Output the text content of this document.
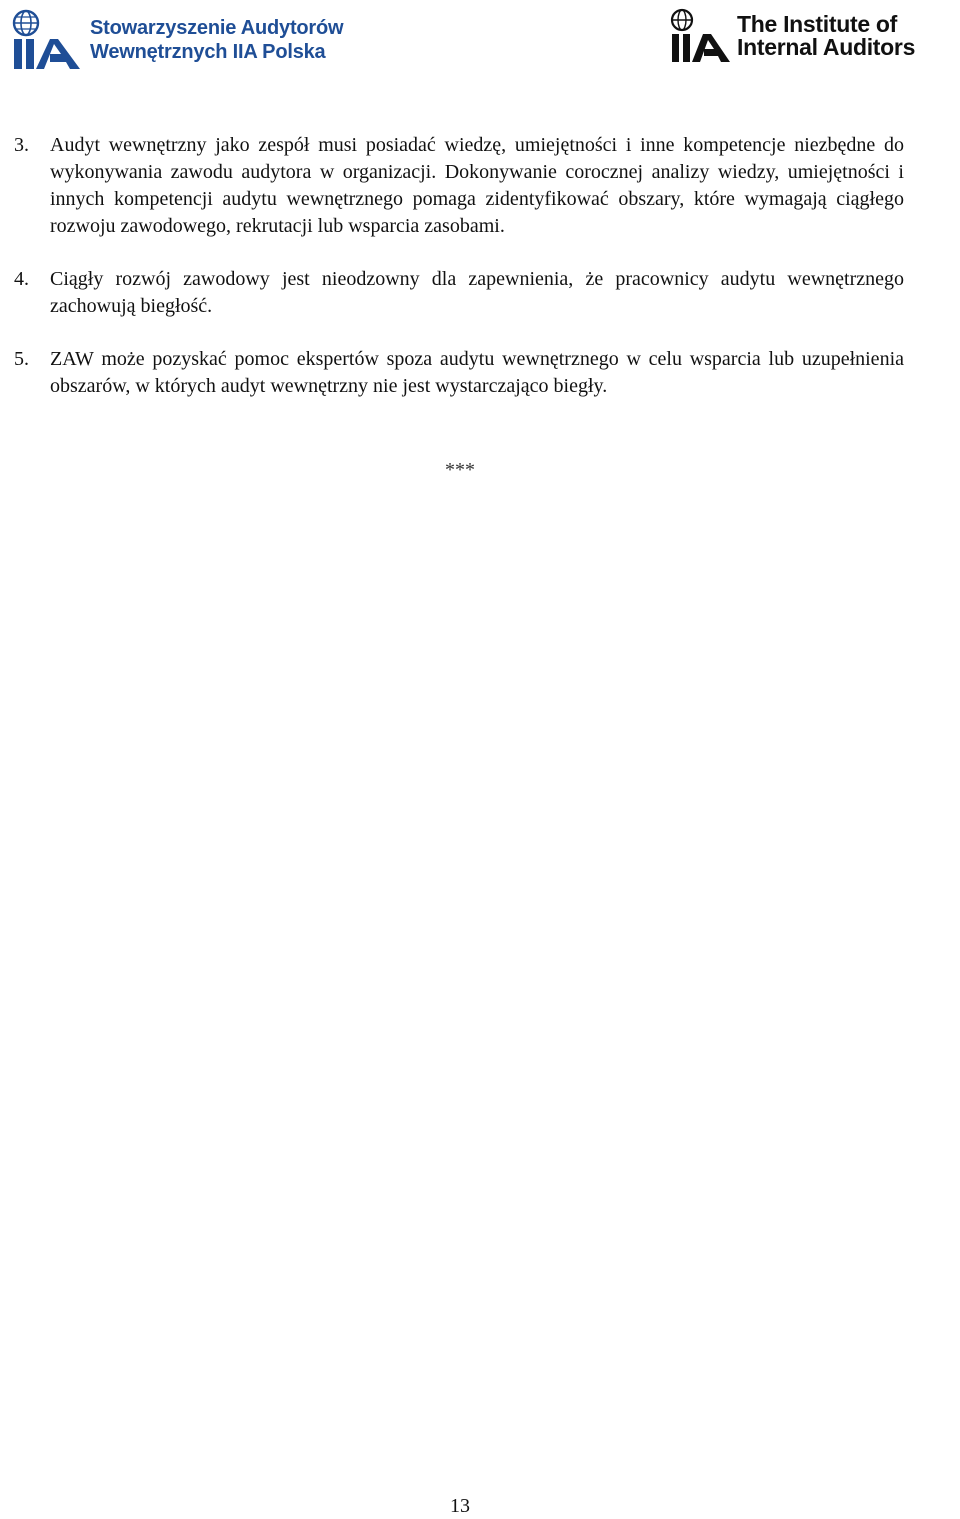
Stowarzyszenie Audytorów
Wewnętrznych IIA Polska
The Institute of
Internal Auditors

3. Audyt wewnętrzny jako zespół musi posiadać wiedzę, umiejętności i inne kompetencje niezbędne do wykonywania zawodu audytora w organizacji. Dokonywanie corocznej analizy wiedzy, umiejętności i innych kompetencji audytu wewnętrznego pomaga zidentyfikować obszary, które wymagają ciągłego rozwoju zawodowego, rekrutacji lub wsparcia zasobami.

4. Ciągły rozwój zawodowy jest nieodzowny dla zapewnienia, że pracownicy audytu wewnętrznego zachowują biegłość.

5. ZAW może pozyskać pomoc ekspertów spoza audytu wewnętrznego w celu wsparcia lub uzupełnienia obszarów, w których audyt wewnętrzny nie jest wystarczająco biegły.

***
13
